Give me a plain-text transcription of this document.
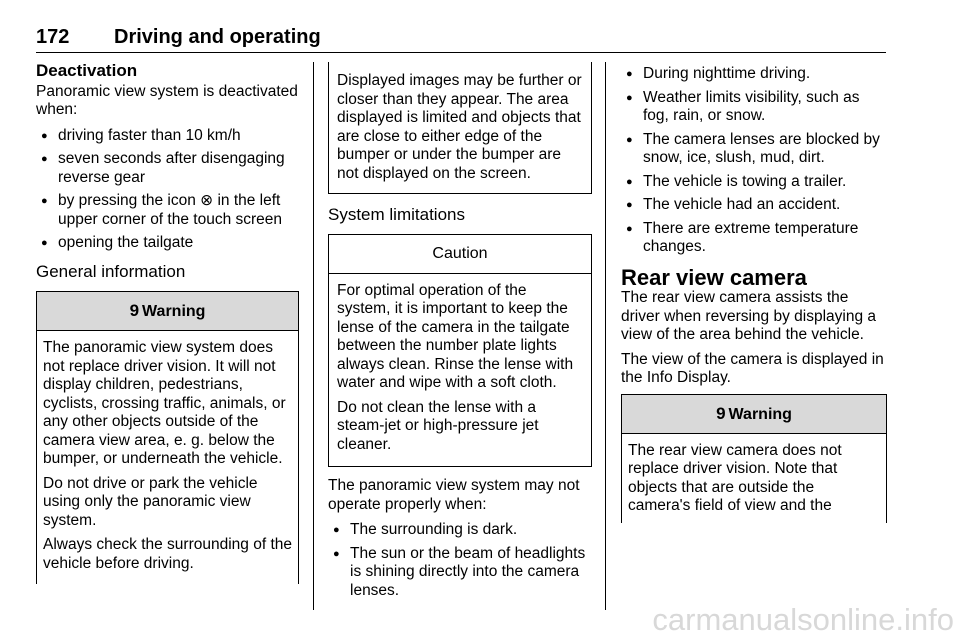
172 Driving and operating
Deactivation

Panoramic view system is deactivated when:

● driving faster than 10 km/h
● seven seconds after disengaging reverse gear
● by pressing the icon ⊗ in the left upper corner of the touch screen
● opening the tailgate
General information
9 Warning

The panoramic view system does not replace driver vision. It will not display children, pedestrians, cyclists, crossing traffic, animals, or any other objects outside of the camera view area, e. g. below the bumper, or underneath the vehicle.

Do not drive or park the vehicle using only the panoramic view system.

Always check the surrounding of the vehicle before driving.

Displayed images may be further or closer than they appear. The area displayed is limited and objects that are close to either edge of the bumper or under the bumper are not displayed on the screen.

System limitations
Caution

For optimal operation of the system, it is important to keep the lense of the camera in the tailgate between the number plate lights always clean. Rinse the lense with water and wipe with a soft cloth.

Do not clean the lense with a steam-jet or high-pressure jet cleaner.

The panoramic view system may not operate properly when:

● The surrounding is dark.
● The sun or the beam of headlights is shining directly into the camera lenses.
● During nighttime driving.
● Weather limits visibility, such as fog, rain, or snow.
● The camera lenses are blocked by snow, ice, slush, mud, dirt.
● The vehicle is towing a trailer.
● The vehicle had an accident.
● There are extreme temperature changes.
Rear view camera

The rear view camera assists the driver when reversing by displaying a view of the area behind the vehicle.

The view of the camera is displayed in the Info Display.

9 Warning

The rear view camera does not replace driver vision. Note that objects that are outside the camera's field of view and the

carmanualsonline.info
